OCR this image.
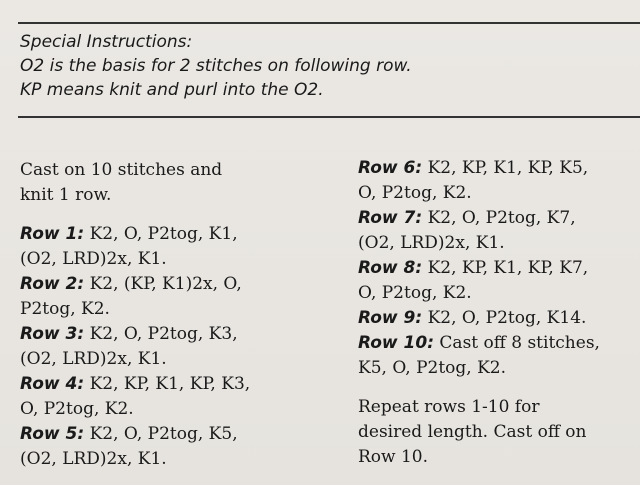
Special Instructions:
O2 is the basis for 2 stitches on following row.
KP means knit and purl into the O2.
Cast on 10 stitches and
knit 1 row.
Row 1: K2, O, P2tog, K1,
(O2, LRD)2x, K1.
Row 2: K2, (KP, K1)2x, O,
P2tog, K2.
Row 3: K2, O, P2tog, K3,
(O2, LRD)2x, K1.
Row 4: K2, KP, K1, KP, K3,
O, P2tog, K2.
Row 5: K2, O, P2tog, K5,
(O2, LRD)2x, K1.
Row 6: K2, KP, K1, KP, K5,
O, P2tog, K2.
Row 7: K2, O, P2tog, K7,
(O2, LRD)2x, K1.
Row 8: K2, KP, K1, KP, K7,
O, P2tog, K2.
Row 9: K2, O, P2tog, K14.
Row 10: Cast off 8 stitches,
K5, O, P2tog, K2.
Repeat rows 1-10 for
desired length. Cast off on
Row 10.
